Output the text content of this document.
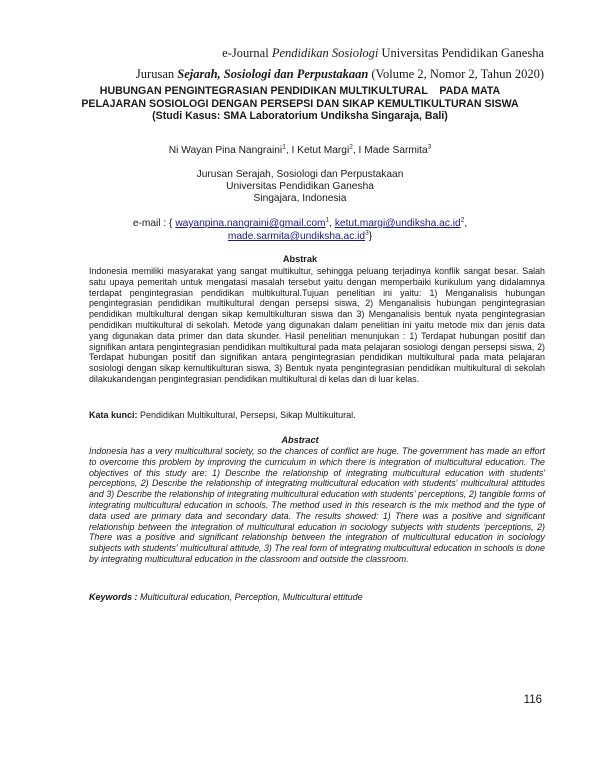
e-Journal Pendidikan Sosiologi Universitas Pendidikan Ganesha
Jurusan Sejarah, Sosiologi dan Perpustakaan (Volume 2, Nomor 2, Tahun 2020)
HUBUNGAN PENGINTEGRASIAN PENDIDIKAN MULTIKULTURAL    PADA MATA
PELAJARAN SOSIOLOGI DENGAN PERSEPSI DAN SIKAP KEMULTIKULTURAN SISWA
(Studi Kasus: SMA Laboratorium Undiksha Singaraja, Bali)
Ni Wayan Pina Nangraini$^1$, I Ketut Margi$^2$, I Made Sarmita$^3$
Jurusan Serajah, Sosiologi dan Perpustakaan
Universitas Pendidikan Ganesha
Singajara, Indonesia
e-mail : { wayanpina.nangraini@gmail.com$^1$, $ketut.margi@undiksha.ac.id^2$,
$made.sarmita@undiksha.ac.id^3$}
Abstrak
Indonesia memiliki masyarakat yang sangat multikultur, sehingga peluang terjadinya konflik sangat besar. Salah satu upaya pemeritah untuk mengatasi masalah tersebut yaitu dengan memperbaiki kurikulum yang didalamnya terdapat pengintegrasian pendidikan multikultural.Tujuan penelitian ini yaitu: 1) Menganalisis hubungan pengintegrasian pendidikan multikultural dengan persepsi siswa, 2) Menganalisis hubungan pengintegrasian pendidikan multikultural dengan sikap kemultikulturan siswa dan 3) Menganalisis bentuk nyata pengintegrasian pendidikan multikultural di sekolah. Metode yang digunakan dalam penelitian ini yaitu metode mix dan jenis data yang digunakan data primer dan data skunder. Hasil penelitian menunjukan : 1) Terdapat hubungan positif dan signifikan antara pengintegrasian pendidikan multikultural pada mata pelajaran sosiologi dengan persepsi siswa, 2) Terdapat hubungan positif dan signifikan antara pengintegrasian pendidikan multikultural pada mata pelajaran sosiologi dengan sikap kemultikulturan siswa, 3) Bentuk nyata pengintegrasian pendidikan multikultural di sekolah dilakukandengan pengintegrasian pendidikan multikultural di kelas dan di luar kelas.
Kata kunci: Pendidikan Multikultural, Persepsi, Sikap Multikultural.
Abstract
Indonesia has a very multicultural society, so the chances of conflict are huge. The government has made an effort to overcome this problem by improving the curriculum in which there is integration of multicultural education. The objectives of this study are: 1) Describe the relationship of integrating multicultural education with students' perceptions, 2) Describe the relationship of integrating multicultural education with students' multicultural attitudes and 3) Describe the relationship of integrating multicultural education with students' perceptions, 2) tangible forms of integrating multicultural education in schools. The method used in this research is the mix method and the type of data used are primary data and secondary data. The results showed: 1) There was a positive and significant relationship between the integration of multicultural education in sociology subjects with students 'perceptions, 2) There was a positive and significant relationship between the integration of multicultural education in sociology subjects with students' multicultural attitude, 3) The real form of integrating multicultural education in schools is done by integrating multicultural education in the classroom and outside the classroom.
Keywords : Multicultural education, Perception, Multicultural ettitude
116
